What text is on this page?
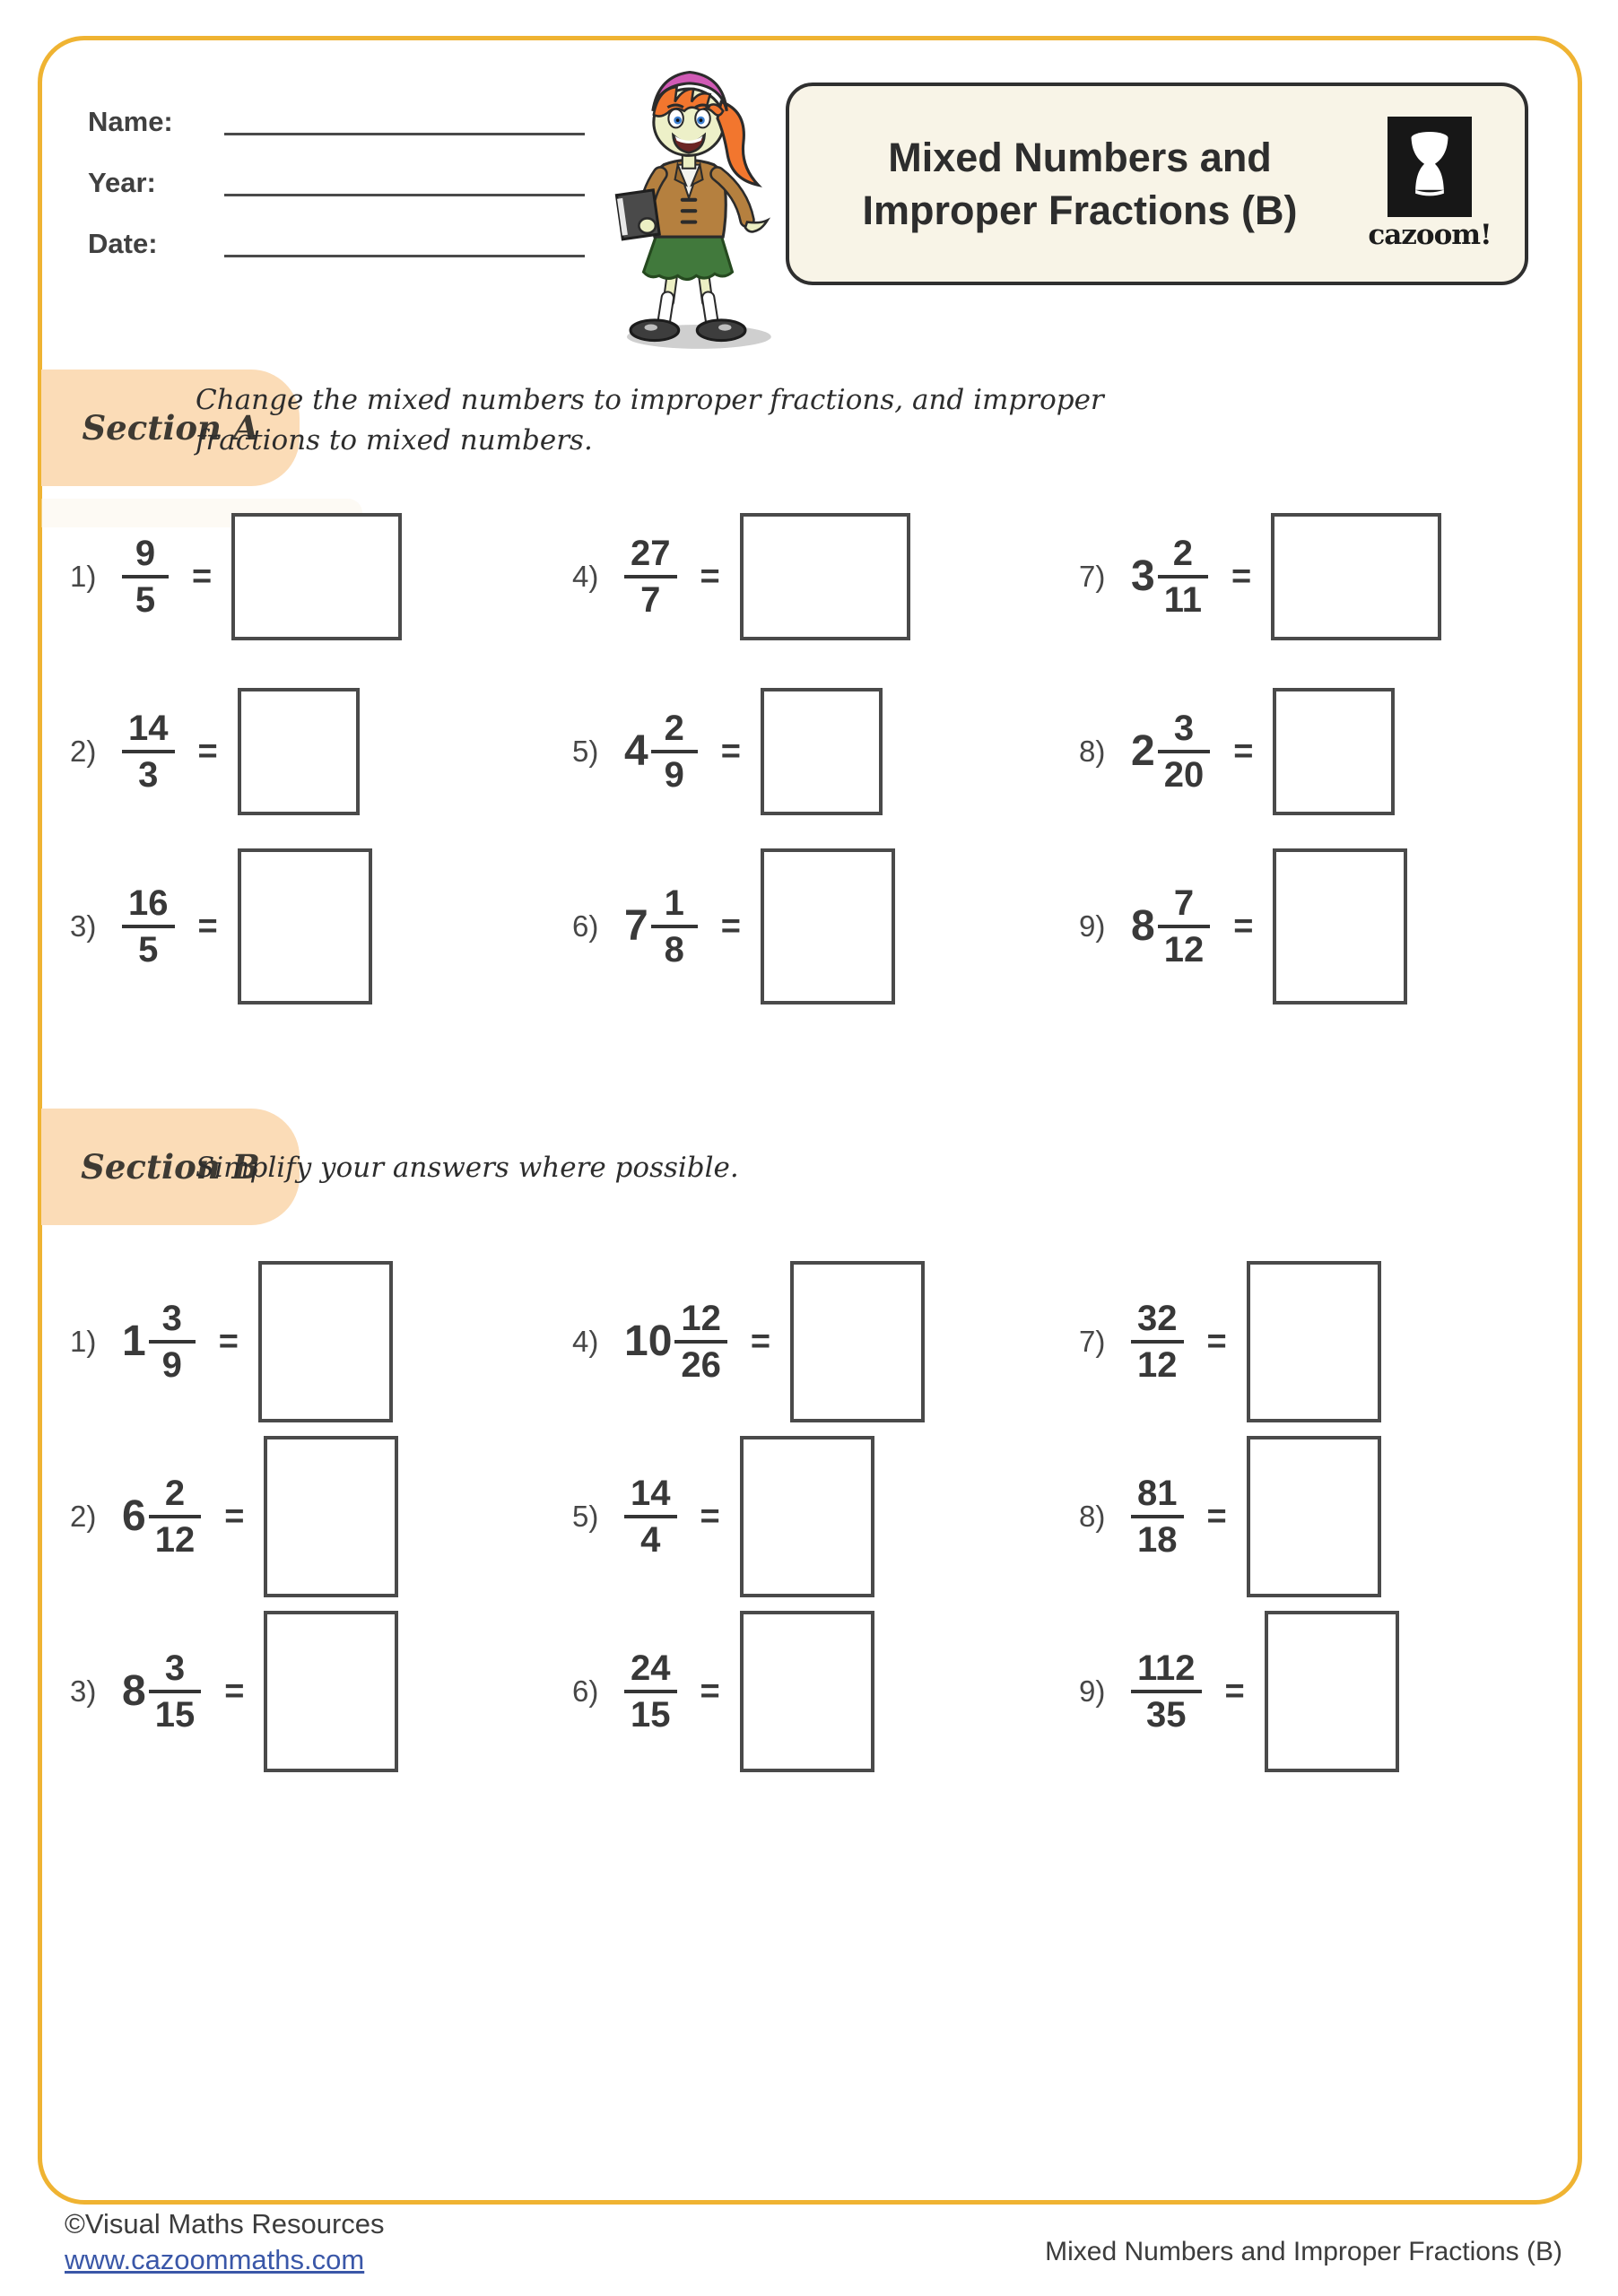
Name:
Year:
Date:
Mixed Numbers and
Improper Fractions (B)
cazoom!
Section A
Change the mixed numbers to improper fractions, and improper
fractions to mixed numbers.
$1) \frac{9}{5}$ =
$2) \frac{14}{3}$ =
$3) \frac{16}{5}$ =
$4) \frac{27}{7}$ =
5) $4 \frac{2}{9}$ =
6) $7 \frac{1}{8}$ =
7) $3 \frac{2}{11}$ =
8) $2 \frac{3}{20}$ =
9) $8 \frac{7}{12}$ =
Section B
Simplify your answers where possible.
1) $1 \frac{3}{9}$ =
2) $6 \frac{2}{12}$ =
3) $8 \frac{3}{15}$ =
4) $10 \frac{12}{26}$ =
$5) \frac{14}{4}$ =
$6) \frac{24}{15}$ =
$7) \frac{32}{12}$ =
$8) \frac{81}{18}$ =
$9) \frac{112}{35}$ =
©Visual Maths Resources
www.cazoommaths.com	Mixed Numbers and Improper Fractions (B)
